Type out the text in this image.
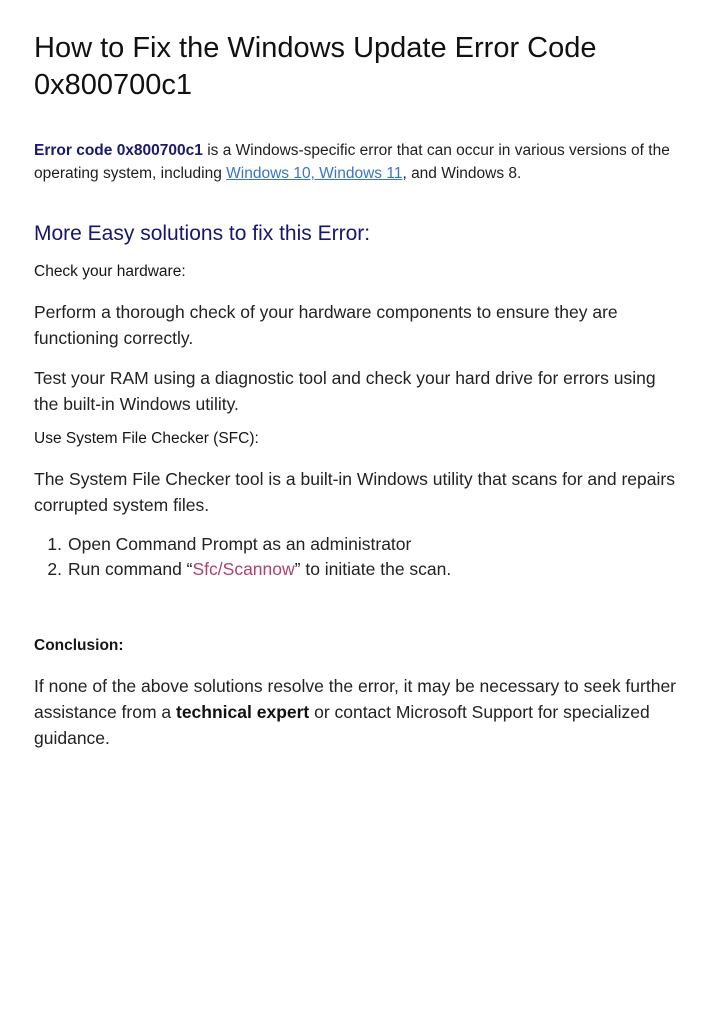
How to Fix the Windows Update Error Code
0x800700c1

Error code 0x800700c1 is a Windows-specific error that can occur in various versions of the operating system, including Windows 10, Windows 11, and Windows 8.

More Easy solutions to fix this Error:
Check your hardware:

Perform a thorough check of your hardware components to ensure they are functioning correctly.

Test your RAM using a diagnostic tool and check your hard drive for errors using the built-in Windows utility.

Use System File Checker (SFC):

The System File Checker tool is a built-in Windows utility that scans for and repairs corrupted system files.

1. Open Command Prompt as an administrator
2. Run command “Sfc/Scannow” to initiate the scan.
Conclusion:

If none of the above solutions resolve the error, it may be necessary to seek further assistance from a technical expert or contact Microsoft Support for specialized guidance.
